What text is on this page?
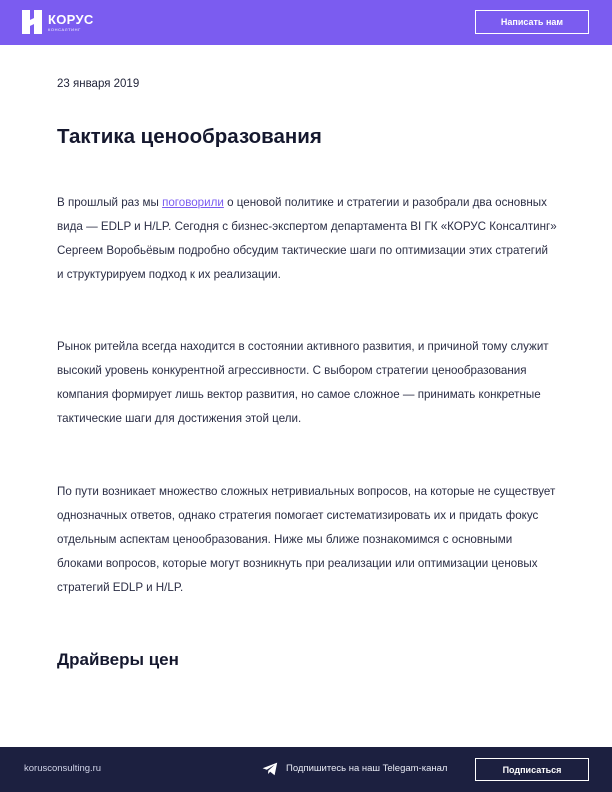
КОРУС
КОНСАЛТИНГ
Написать нам
23 января 2019
Тактика ценообразования

В прошлый раз мы поговорили о ценовой политике и стратегии и разобрали два основных вида — EDLP и H/LP. Сегодня с бизнес-экспертом департамента BI ГК «КОРУС Консалтинг» Сергеем Воробьёвым подробно обсудим тактические шаги по оптимизации этих стратегий и структурируем подход к их реализации.

Рынок ритейла всегда находится в состоянии активного развития, и причиной тому служит высокий уровень конкурентной агрессивности. С выбором стратегии ценообразования компания формирует лишь вектор развития, но самое сложное — принимать конкретные тактические шаги для достижения этой цели.

По пути возникает множество сложных нетривиальных вопросов, на которые не существует однозначных ответов, однако стратегия помогает систематизировать их и придать фокус отдельным аспектам ценообразования. Ниже мы ближе познакомимся с основными блоками вопросов, которые могут возникнуть при реализации или оптимизации ценовых стратегий EDLP и H/LP.

Драйверы цен
korusconsulting.ru	Подпишитесь на наш Telegam-канал	Подписаться
